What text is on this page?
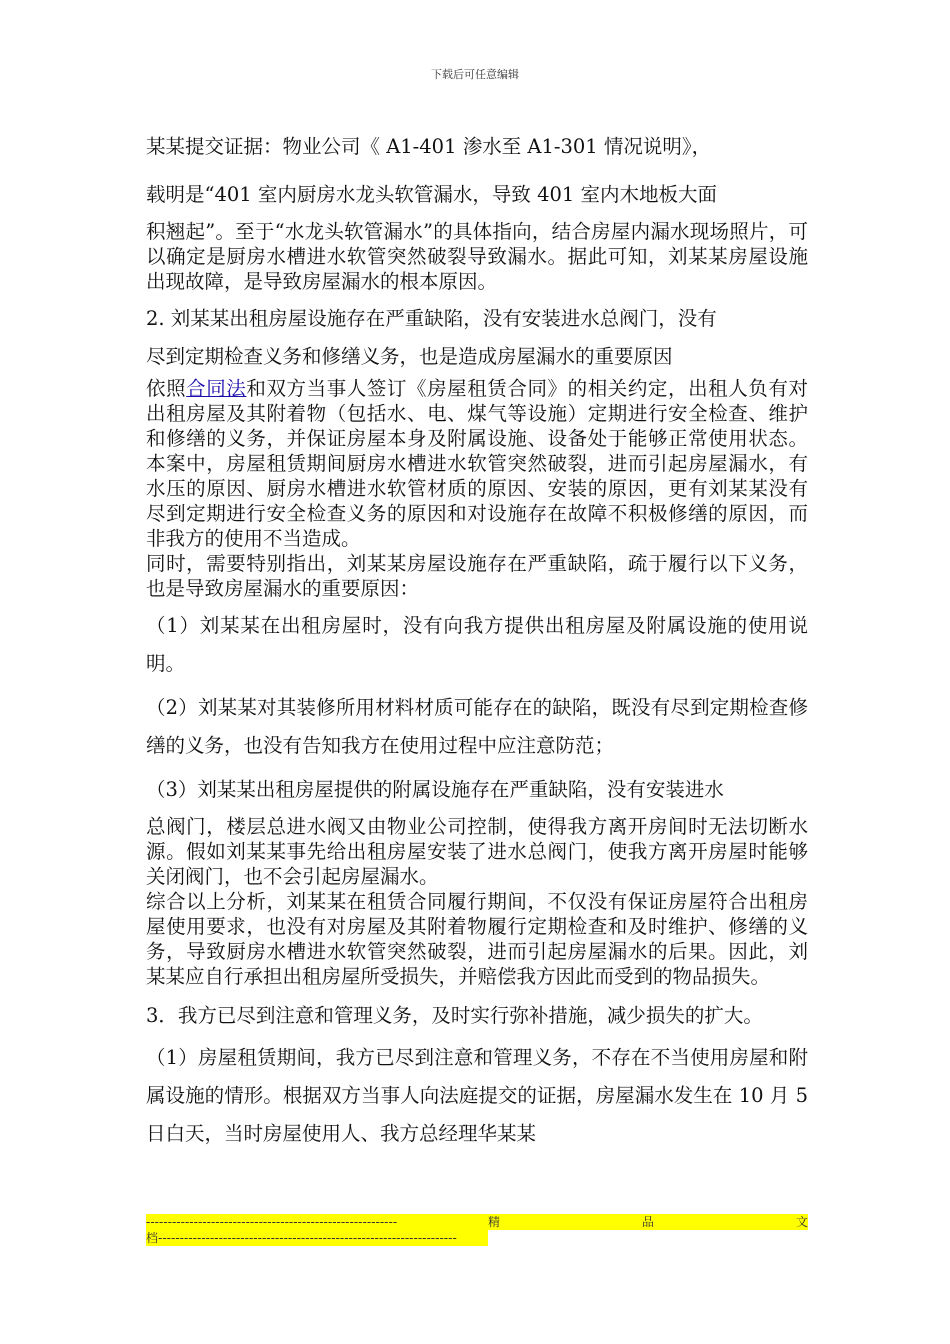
下载后可任意编辑

某某提交证据：物业公司《 A1-401 渗水至 A1-301 情况说明》，

载明是“401 室内厨房水龙头软管漏水，导致 401 室内木地板大面

积翘起”。至于“水龙头软管漏水”的具体指向，结合房屋内漏水现场照片，可以确定是厨房水槽进水软管突然破裂导致漏水。据此可知，刘某某房屋设施出现故障，是导致房屋漏水的根本原因。

2. 刘某某出租房屋设施存在严重缺陷，没有安装进水总阀门，没有

尽到定期检查义务和修缮义务，也是造成房屋漏水的重要原因

依照合同法和双方当事人签订《房屋租赁合同》的相关约定，出租人负有对出租房屋及其附着物（包括水、电、煤气等设施）定期进行安全检查、维护和修缮的义务，并保证房屋本身及附属设施、设备处于能够正常使用状态。本案中，房屋租赁期间厨房水槽进水软管突然破裂，进而引起房屋漏水，有水压的原因、厨房水槽进水软管材质的原因、安装的原因，更有刘某某没有尽到定期进行安全检查义务的原因和对设施存在故障不积极修缮的原因，而非我方的使用不当造成。

同时，需要特别指出，刘某某房屋设施存在严重缺陷，疏于履行以下义务，也是导致房屋漏水的重要原因：

（1）刘某某在出租房屋时，没有向我方提供出租房屋及附属设施的使用说明。

（2）刘某某对其装修所用材料材质可能存在的缺陷，既没有尽到定期检查修缮的义务，也没有告知我方在使用过程中应注意防范；

（3）刘某某出租房屋提供的附属设施存在严重缺陷，没有安装进水

总阀门，楼层总进水阀又由物业公司控制，使得我方离开房间时无法切断水源。假如刘某某事先给出租房屋安装了进水总阀门，使我方离开房屋时能够关闭阀门，也不会引起房屋漏水。

综合以上分析，刘某某在租赁合同履行期间，不仅没有保证房屋符合出租房屋使用要求，也没有对房屋及其附着物履行定期检查和及时维护、修缮的义务，导致厨房水槽进水软管突然破裂，进而引起房屋漏水的后果。因此，刘某某应自行承担出租房屋所受损失，并赔偿我方因此而受到的物品损失。

3．我方已尽到注意和管理义务，及时实行弥补措施，减少损失的扩大。

（1）房屋租赁期间，我方已尽到注意和管理义务，不存在不当使用房屋和附属设施的情形。根据双方当事人向法庭提交的证据，房屋漏水发生在 10 月 5 日白天，当时房屋使用人、我方总经理华某某

----------------------------------------------------------	精	品	文
档---------------------------------------------------------------------
